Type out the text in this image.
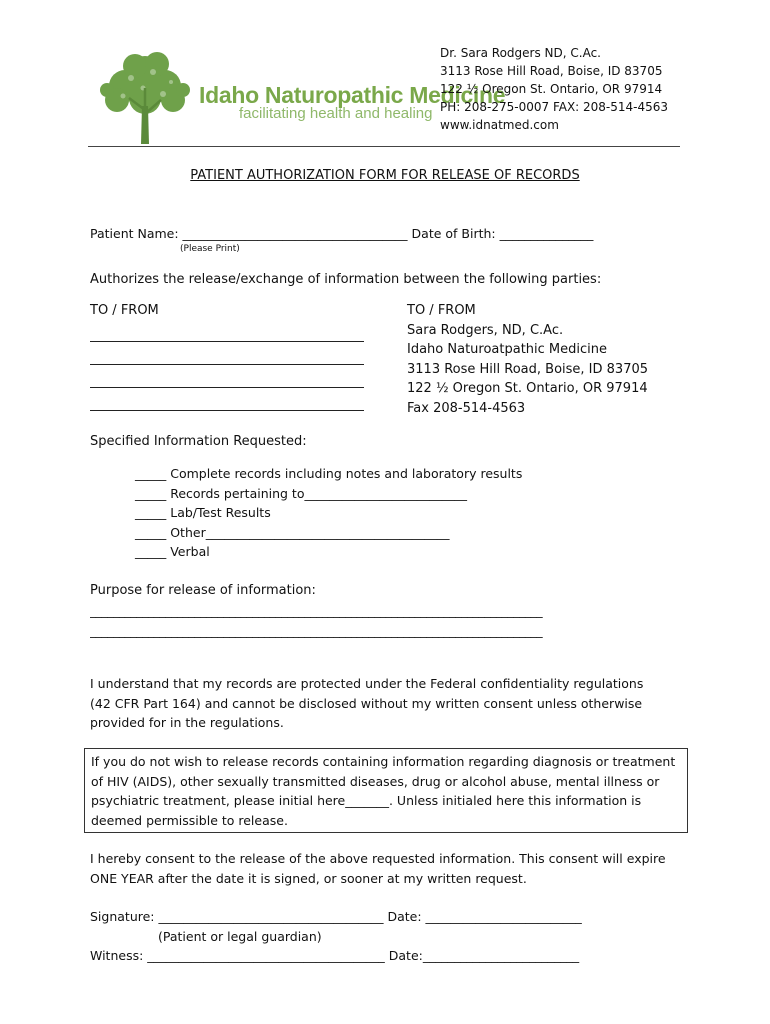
Idaho Naturopathic Medicine
facilitating health and healing
Dr. Sara Rodgers ND, C.Ac.
3113 Rose Hill Road, Boise, ID 83705
122 ½ Oregon St. Ontario, OR 97914
PH: 208-275-0007 FAX: 208-514-4563
www.idnatmed.com
PATIENT AUTHORIZATION FORM FOR RELEASE OF RECORDS
Patient Name: ____________________________________ Date of Birth: _______________
(Please Print)
Authorizes the release/exchange of information between the following parties:
TO / FROM	TO / FROM
Sara Rodgers, ND, C.Ac.
Idaho Naturoatpathic Medicine
3113 Rose Hill Road, Boise, ID 83705
122 ½ Oregon St. Ontario, OR 97914
Fax 208-514-4563
Specified Information Requested:
_____ Complete records including notes and laboratory results
_____ Records pertaining to__________________________
_____ Lab/Test Results
_____ Other_______________________________________
_____ Verbal
Purpose for release of information:
______________________________________________________________________________
______________________________________________________________________________
I understand that my records are protected under the Federal confidentiality regulations
(42 CFR Part 164) and cannot be disclosed without my written consent unless otherwise
provided for in the regulations.
If you do not wish to release records containing information regarding diagnosis or treatment
of HIV (AIDS), other sexually transmitted diseases, drug or alcohol abuse, mental illness or
psychiatric treatment, please initial here_______. Unless initialed here this information is
deemed permissible to release.
I hereby consent to the release of the above requested information. This consent will expire
ONE YEAR after the date it is signed, or sooner at my written request.
Signature: ____________________________________ Date: _________________________
(Patient or legal guardian)
Witness: ______________________________________ Date:_________________________
